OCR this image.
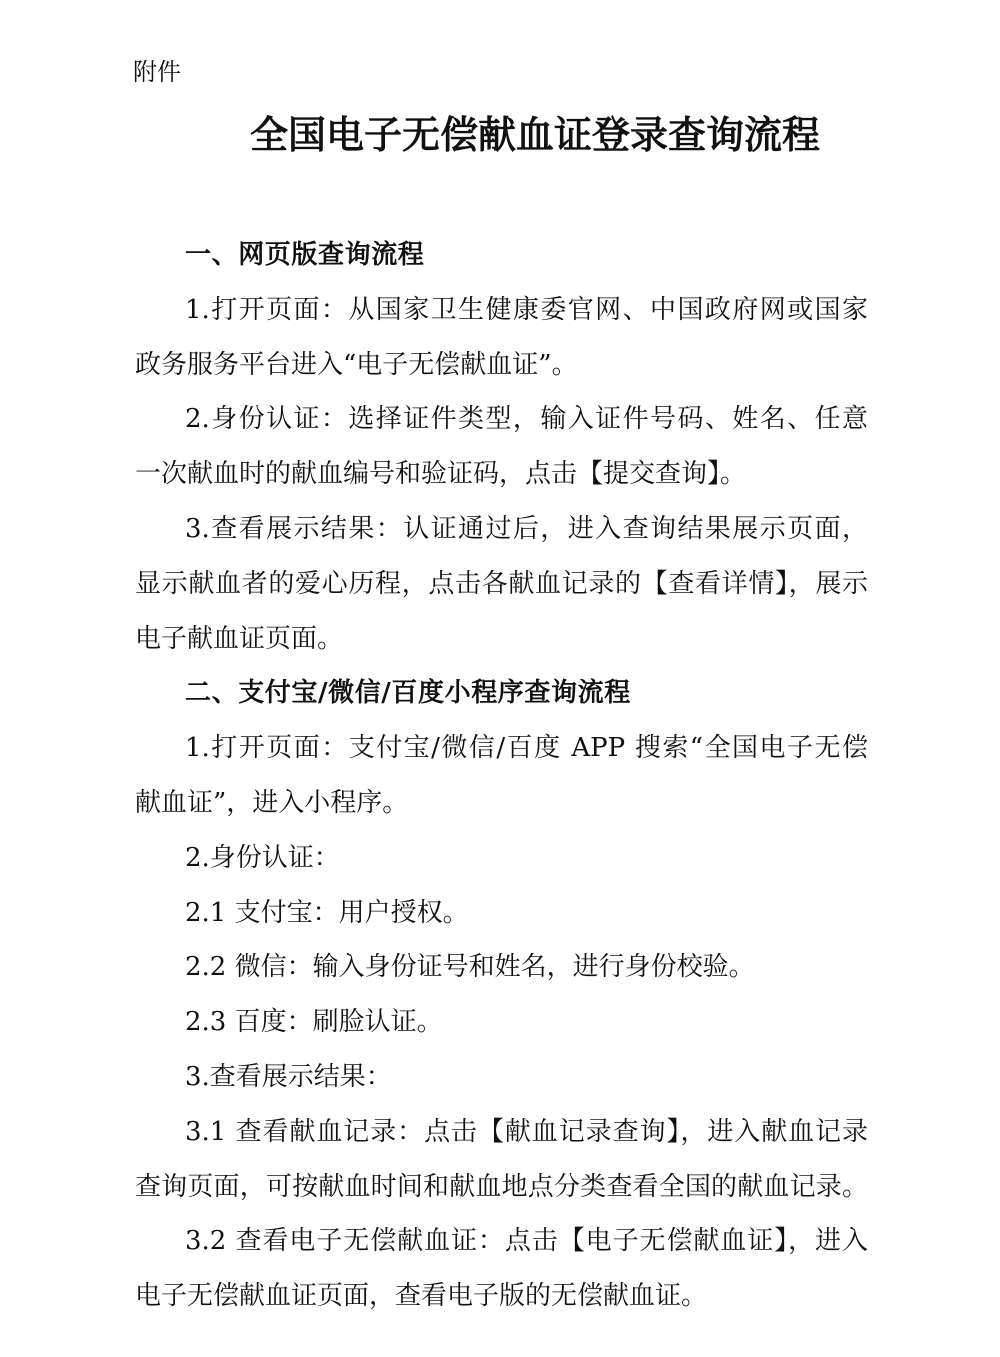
附件
全国电子无偿献血证登录查询流程
一、网页版查询流程
1.打开页面：从国家卫生健康委官网、中国政府网或国家
政务服务平台进入“电子无偿献血证”。
2.身份认证：选择证件类型，输入证件号码、姓名、任意
一次献血时的献血编号和验证码，点击【提交查询】。
3.查看展示结果：认证通过后，进入查询结果展示页面，
显示献血者的爱心历程，点击各献血记录的【查看详情】，展示
电子献血证页面。
二、支付宝/微信/百度小程序查询流程
1.打开页面：支付宝/微信/百度 APP 搜索“全国电子无偿
献血证”，进入小程序。
2.身份认证：
2.1 支付宝：用户授权。
2.2 微信：输入身份证号和姓名，进行身份校验。
2.3 百度：刷脸认证。
3.查看展示结果：
3.1 查看献血记录：点击【献血记录查询】，进入献血记录
查询页面，可按献血时间和献血地点分类查看全国的献血记录。
3.2 查看电子无偿献血证：点击【电子无偿献血证】，进入
电子无偿献血证页面，查看电子版的无偿献血证。
